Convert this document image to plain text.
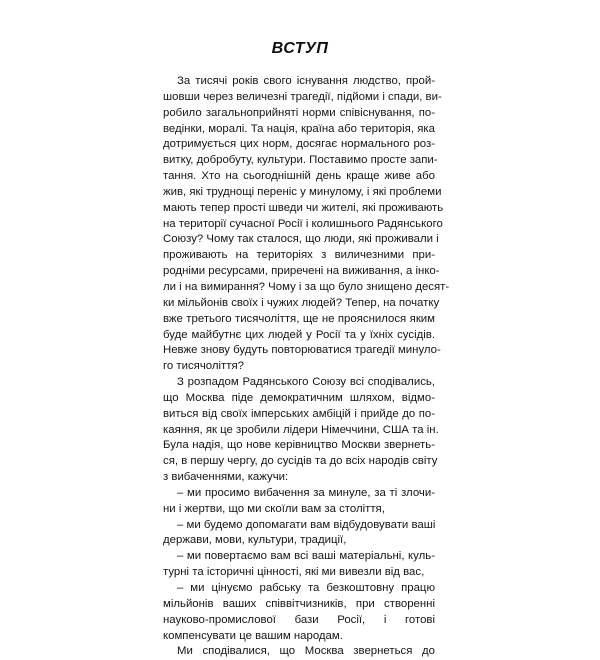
ВСТУП
За тисячі років свого існування людство, прой-
шовши через величезні трагедії, підйоми і спади, ви-
робило загальноприйняті норми співіснування, по-
ведінки, моралі. Та нація, країна або територія, яка
дотримується цих норм, досягає нормального роз-
витку, добробуту, культури. Поставимо просте запи-
тання. Хто на сьогоднішній день краще живе або
жив, які труднощі переніс у минулому, і які проблеми
мають тепер прості шведи чи жителі, які проживають
на території сучасної Росії і колишнього Радянського
Союзу? Чому так сталося, що люди, які проживали і
проживають на територіях з виличезними при-
родніми ресурсами, приречені на виживання, а інко-
ли і на вимирання? Чому і за що було знищено десят-
ки мільйонів своїх і чужих людей? Тепер, на початку
вже третього тисячоліття, ще не прояснилося яким
буде майбутнє цих людей у Росії та у їхніх сусідів.
Невже знову будуть повторюватися трагедії минуло-
го тисячоліття?
З розпадом Радянського Союзу всі сподівались,
що Москва піде демократичним шляхом, відмо-
виться від своїх імперських амбіцій і прийде до по-
каяння, як це зробили лідери Німеччини, США та ін.
Була надія, що нове керівництво Москви звернеть-
ся, в першу чергу, до сусідів та до всіх народів світу
з вибаченнями, кажучи:
– ми просимо вибачення за минуле, за ті злочи-
ни і жертви, що ми скоїли вам за століття,
– ми будемо допомагати вам відбудовувати ваші
держави, мови, культури, традиції,
– ми повертаємо вам всі ваші матеріальні, куль-
турні та історичні цінності, які ми вивезли від вас,
– ми цінуємо рабську та безкоштовну працю
мільйонів ваших співвітчизників, при створенні
науково-промислової бази Росії, і готові
компенсувати це вашим народам.
Ми сподівалися, що Москва звернеться до
